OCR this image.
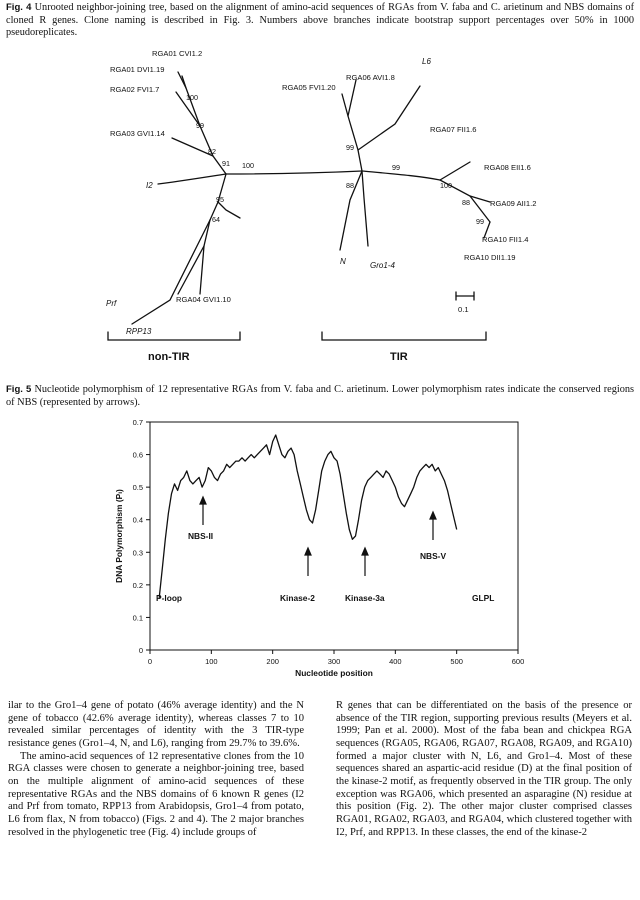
Fig. 4 Unrooted neighbor-joining tree, based on the alignment of amino-acid sequences of RGAs from V. faba and C. arietinum and NBS domains of cloned R genes. Clone naming is described in Fig. 3. Numbers above branches indicate bootstrap support percentages over 50% in 1000 pseudoreplicates.
RGA01 CVI1.2
RGA01 DVI1.19
RGA02 FVI1.7
RGA03 GVI1.14
I2
Prf
RPP13
RGA04 GVI1.10
RGA05 FVI1.20
RGA06 AVI1.8
L6
RGA07 FII1.6
RGA08 EII1.6
RGA09 AII1.2
RGA10 FII1.4
RGA10 DII1.19
N	Gro1-4
100
99
82
91 100
95
64
99
88
99
100
88
99
0.1
non-TIR	TIR
Fig. 5 Nucleotide polymorphism of 12 representative RGAs from V. faba and C. arietinum. Lower polymorphism rates indicate the conserved regions of NBS (represented by arrows).
0
0.1
0.2
0.3
0.4
0.5
0.6
0.7
0	100	200	300	400	500	600
P-loop
NBS-II
Kinase-2	Kinase-3a
NBS-V
GLPL
Nucleotide position
DNA Polymorphism (Pₗ)

ilar to the Gro1–4 gene of potato (46% average identity) and the N gene of tobacco (42.6% average identity), whereas classes 7 to 10 revealed similar percentages of identity with the 3 TIR-type resistance genes (Gro1–4, N, and L6), ranging from 29.7% to 39.6%.

The amino-acid sequences of 12 representative clones from the 10 RGA classes were chosen to generate a neighbor-joining tree, based on the multiple alignment of amino-acid sequences of these representative RGAs and the NBS domains of 6 known R genes (I2 and Prf from tomato, RPP13 from Arabidopsis, Gro1–4 from potato, L6 from flax, N from tobacco) (Figs. 2 and 4). The 2 major branches resolved in the phylogenetic tree (Fig. 4) include groups of

R genes that can be differentiated on the basis of the presence or absence of the TIR region, supporting previous results (Meyers et al. 1999; Pan et al. 2000). Most of the faba bean and chickpea RGA sequences (RGA05, RGA06, RGA07, RGA08, RGA09, and RGA10) formed a major cluster with N, L6, and Gro1–4. Most of these sequences shared an aspartic-acid residue (D) at the final position of the kinase-2 motif, as frequently observed in the TIR group. The only exception was RGA06, which presented an asparagine (N) residue at this position (Fig. 2). The other major cluster comprised classes RGA01, RGA02, RGA03, and RGA04, which clustered together with I2, Prf, and RPP13. In these classes, the end of the kinase-2
